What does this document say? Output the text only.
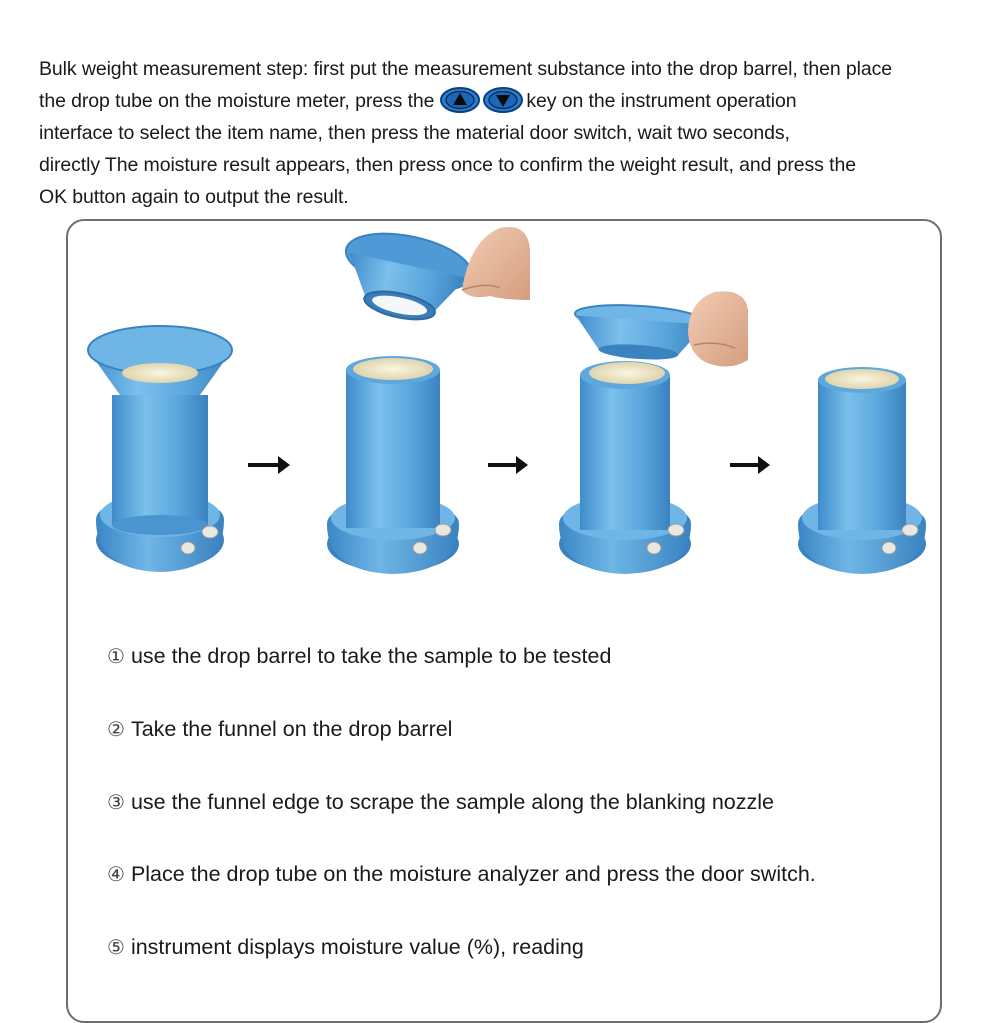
Bulk weight measurement step: first put the measurement substance into the drop barrel, then place
the drop tube on the moisture meter, press the
	key on the instrument operation
interface to select the item name, then press the material door switch, wait two seconds,
directly The moisture result appears, then press once to confirm the weight result, and press the
OK button again to output the result.
① use the drop barrel to take the sample to be tested
② Take the funnel on the drop barrel
③ use the funnel edge to scrape the sample along the blanking nozzle
④ Place the drop tube on the moisture analyzer and press the door switch.
⑤ instrument displays moisture value (%), reading
